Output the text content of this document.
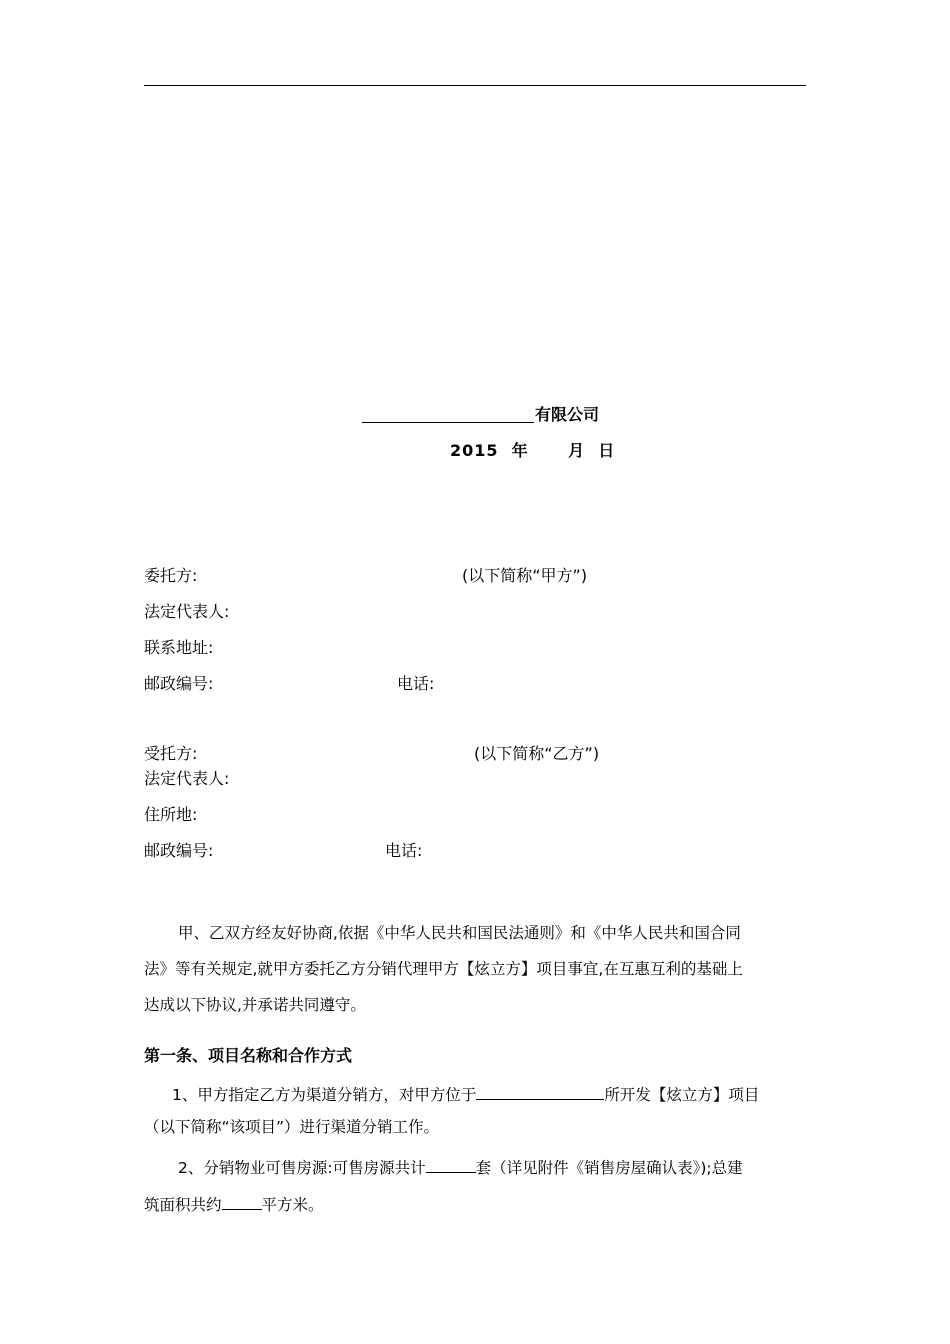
有限公司
2015  年      月  日
委托方:	(以下简称“甲方”)
法定代表人:
联系地址:
邮政编号:	电话:
受托方:	(以下简称“乙方”)
法定代表人:
住所地:
邮政编号:	电话:
甲、乙双方经友好协商,依据《中华人民共和国民法通则》和《中华人民共和国合同
法》等有关规定,就甲方委托乙方分销代理甲方【炫立方】项目事宜,在互惠互利的基础上
达成以下协议,并承诺共同遵守。
第一条、项目名称和合作方式
1、甲方指定乙方为渠道分销方，对甲方位于	所开发【炫立方】项目
（以下简称“该项目”）进行渠道分销工作。
2、分销物业可售房源:可售房源共计	套（详见附件《销售房屋确认表》);总建
筑面积共约	平方米。
